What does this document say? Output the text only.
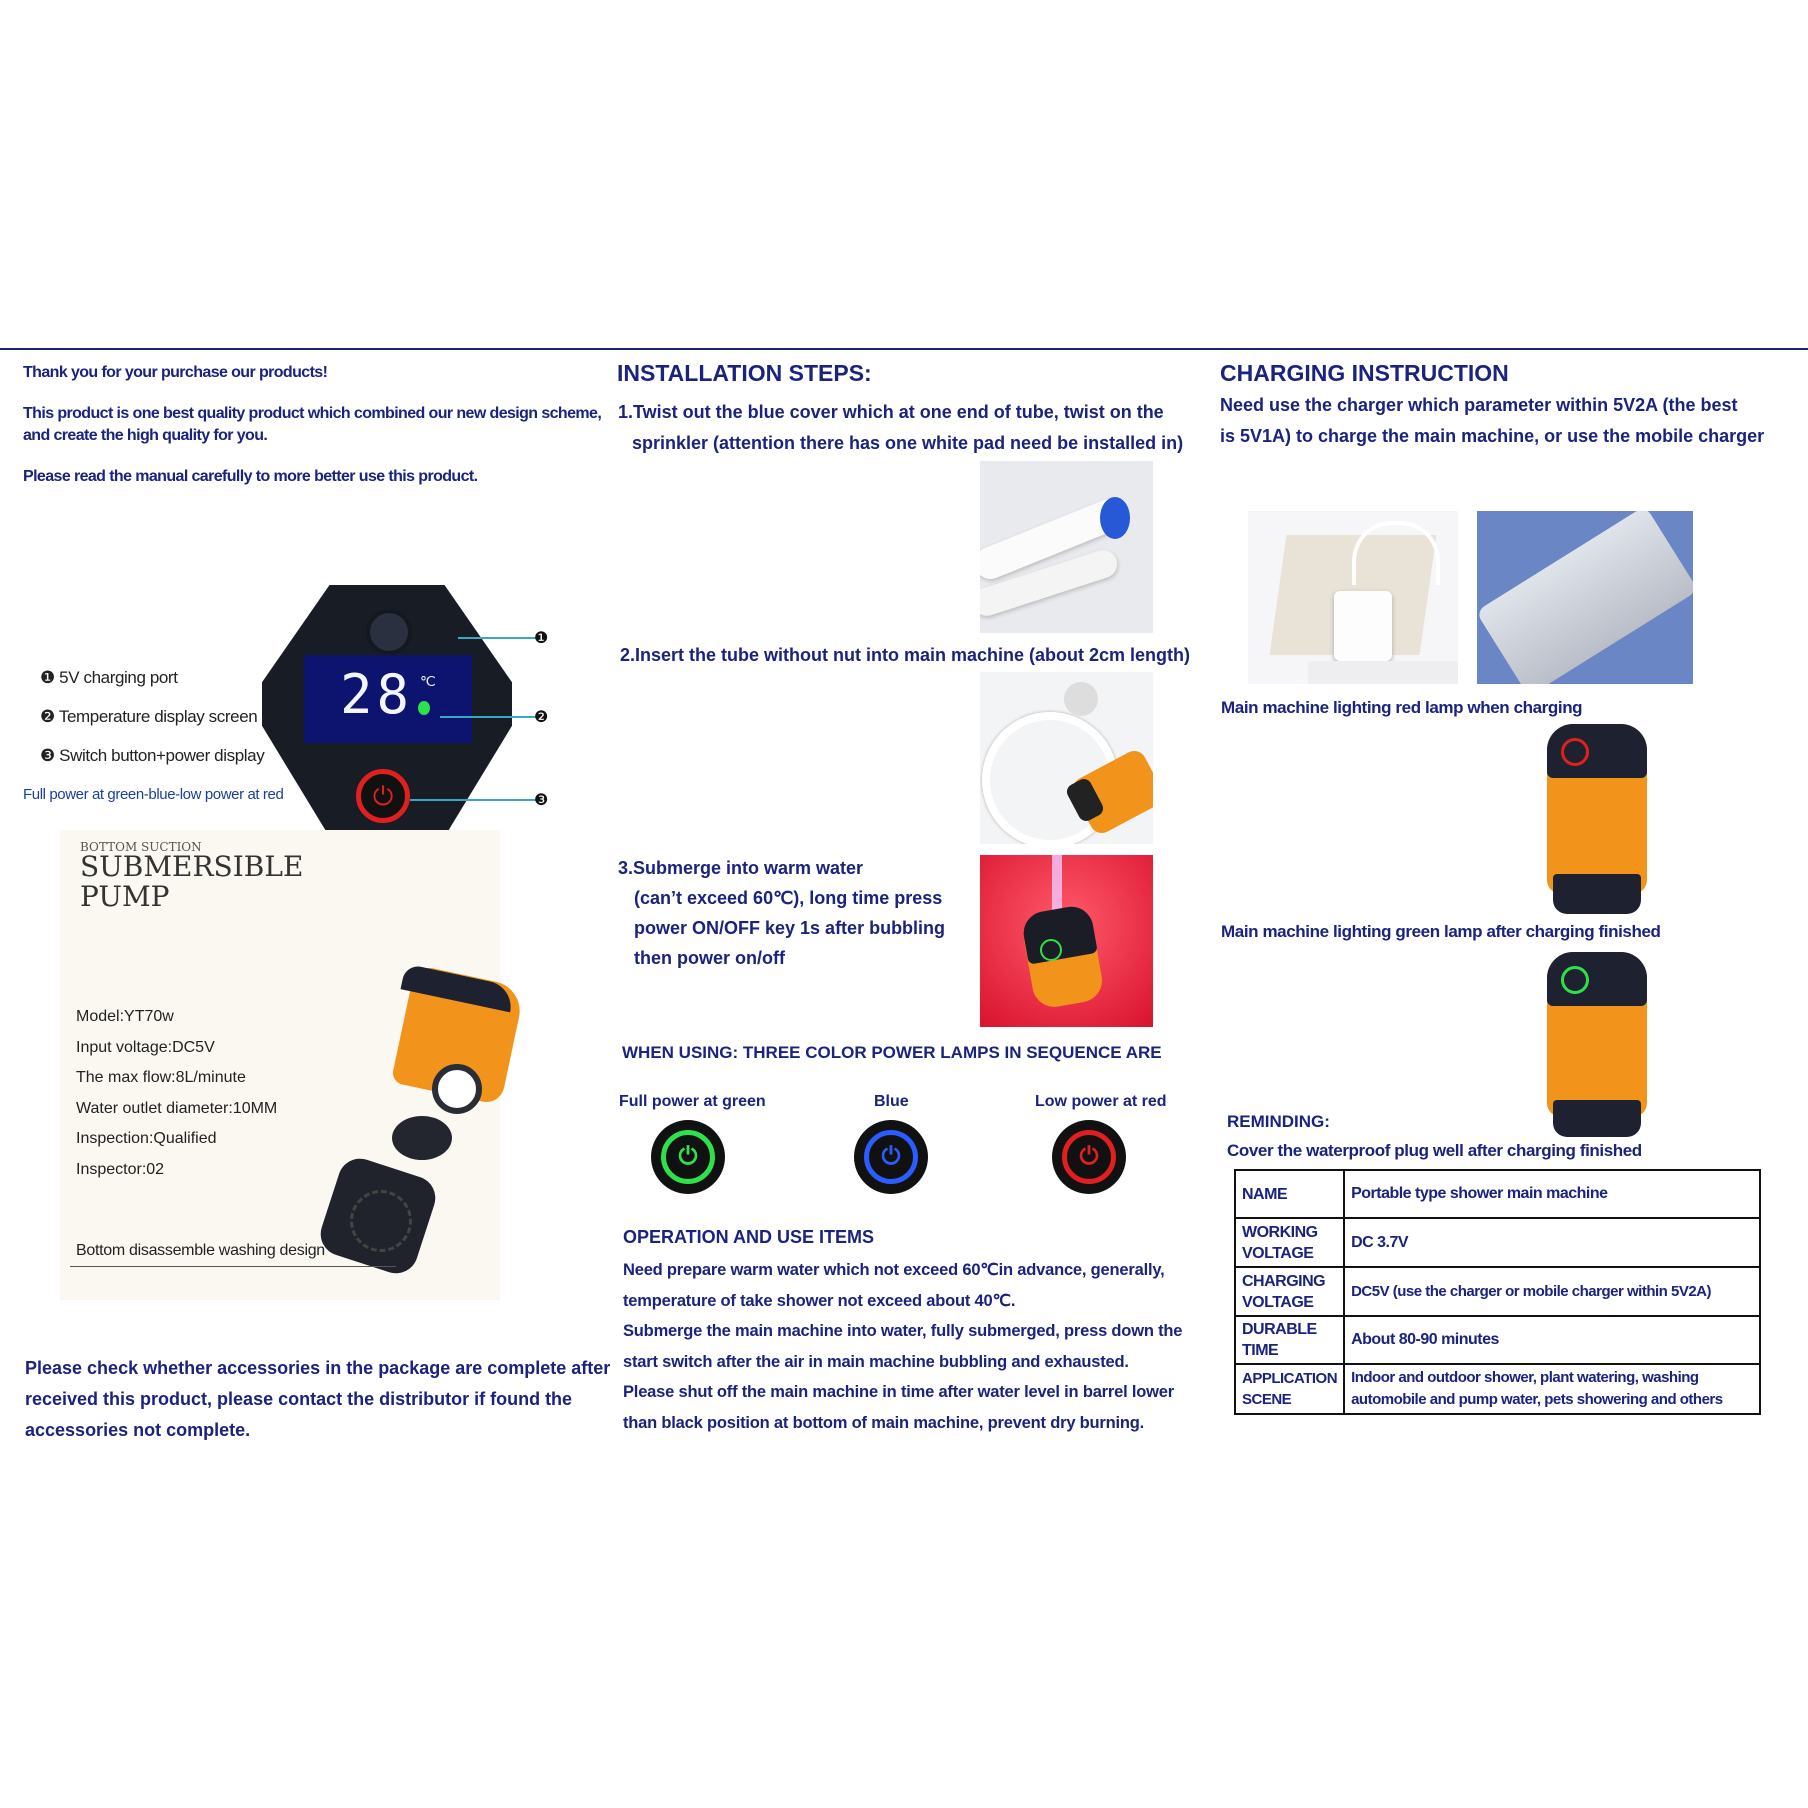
Thank you for your purchase our products!
This product is one best quality product which combined our new design scheme, and create the high quality for you.
Please read the manual carefully to more better use this product.
28 ℃
⏻
❶
❷
❸
❶ 5V charging port
❷ Temperature display screen
❸ Switch button+power display
Full power at green-blue-low power at red
BOTTOM SUCTION
SUBMERSIBLE
PUMP
Model:YT70w
Input voltage:DC5V
The max flow:8L/minute
Water outlet diameter:10MM
Inspection:Qualified
Inspector:02
Bottom disassemble washing design
Please check whether accessories in the package are complete after received this product, please contact the distributor if found the accessories not complete.
INSTALLATION STEPS:
1.Twist out the blue cover which at one end of tube, twist on the
sprinkler (attention there has one white pad need be installed in)
2.Insert the tube without nut into main machine (about 2cm length)
3.Submerge into warm water
(can’t exceed 60℃), long time press
power ON/OFF key 1s after bubbling
then power on/off
WHEN USING: THREE COLOR POWER LAMPS IN SEQUENCE ARE
Full power at green	Blue	Low power at red
⏻	⏻	⏻
OPERATION AND USE ITEMS
Need prepare warm water which not exceed 60℃in advance, generally,
temperature of take shower not exceed about 40℃.
Submerge the main machine into water, fully submerged, press down the
start switch after the air in main machine bubbling and exhausted.
Please shut off the main machine in time after water level in barrel lower
than black position at bottom of main machine, prevent dry burning.
CHARGING INSTRUCTION
Need use the charger which parameter within 5V2A (the best
is 5V1A) to charge the main machine, or use the mobile charger
Main machine lighting red lamp when charging
Main machine lighting green lamp after charging finished
REMINDING:
Cover the waterproof plug well after charging finished
NAME	Portable type shower main machine
WORKING VOLTAGE	DC 3.7V
CHARGING VOLTAGE	DC5V (use the charger or mobile charger within 5V2A)
DURABLE TIME	About 80-90 minutes
APPLICATION SCENE	Indoor and outdoor shower, plant watering, washing automobile and pump water, pets showering and others
